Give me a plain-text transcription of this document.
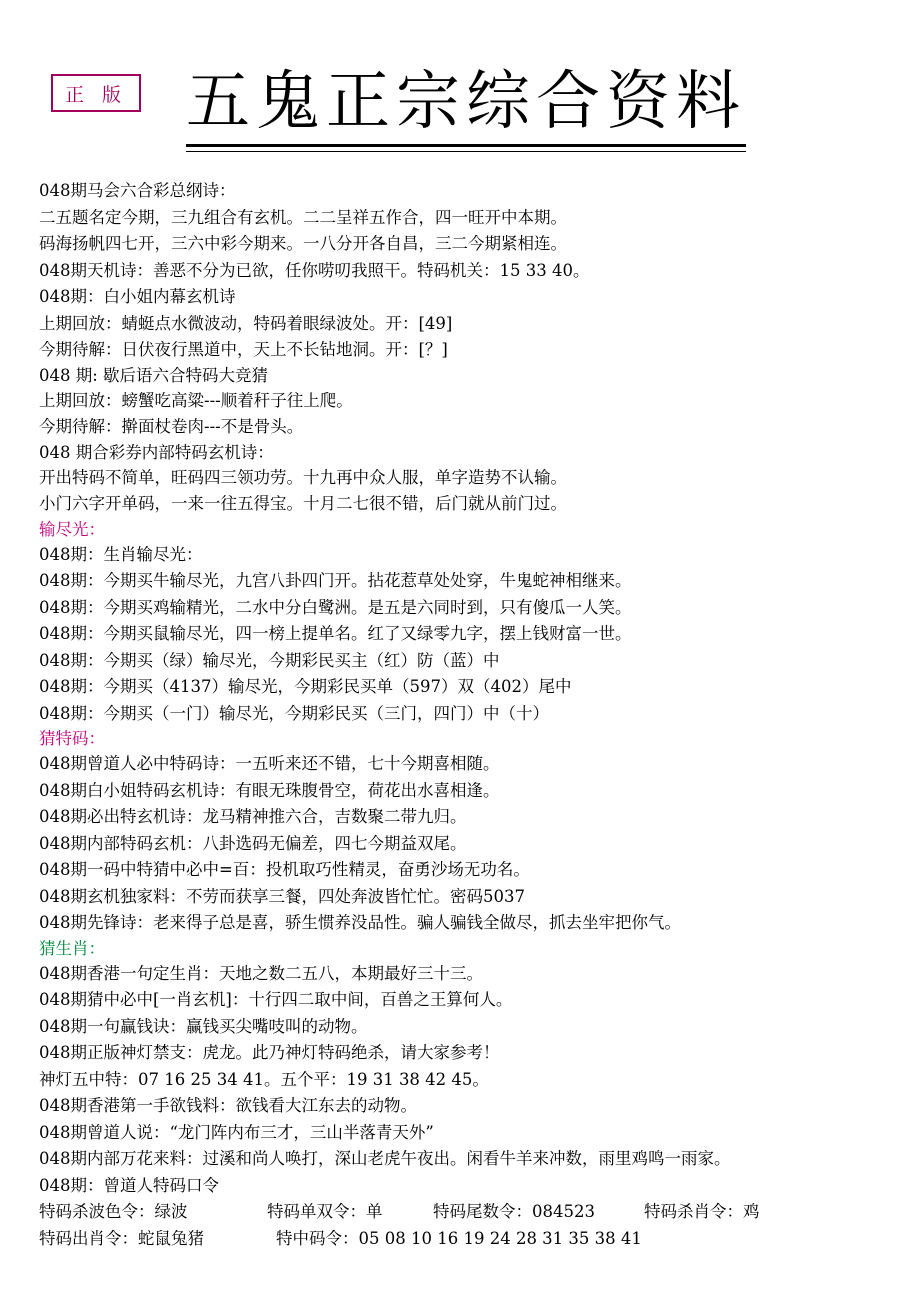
正 版 五鬼正宗综合资料
048期马会六合彩总纲诗：
二五题名定今期，三九组合有玄机。二二呈祥五作合，四一旺开中本期。
码海扬帆四七开，三六中彩今期来。一八分开各自昌，三二今期紧相连。
048期天机诗：善恶不分为已欲，任你唠叨我照干。特码机关：15 33 40。
048期：白小姐内幕玄机诗
上期回放：蜻蜓点水微波动，特码着眼绿波处。开：[49]
今期待解：日伏夜行黑道中，天上不长钻地洞。开：[？]
048 期: 歇后语六合特码大竞猜
上期回放：螃蟹吃高粱---顺着秆子往上爬。
今期待解：擀面杖卷肉---不是骨头。
048 期合彩券内部特码玄机诗：
开出特码不简单，旺码四三领功劳。十九再中众人服，单字造势不认输。
小门六字开单码，一来一往五得宝。十月二七很不错，后门就从前门过。
输尽光：
048期：生肖输尽光：
048期：今期买牛输尽光，九宫八卦四门开。拈花惹草处处穿，牛鬼蛇神相继来。
048期：今期买鸡输精光，二水中分白鹭洲。是五是六同时到，只有傻瓜一人笑。
048期：今期买鼠输尽光，四一榜上提单名。红了又绿零九字，摆上钱财富一世。
048期：今期买（绿）输尽光，今期彩民买主（红）防（蓝）中
048期：今期买（4137）输尽光，今期彩民买单（597）双（402）尾中
048期：今期买（一门）输尽光，今期彩民买（三门，四门）中（十）
猜特码：
048期曾道人必中特码诗：一五听来还不错，七十今期喜相随。
048期白小姐特码玄机诗：有眼无珠腹骨空，荷花出水喜相逢。
048期必出特玄机诗：龙马精神推六合，吉数聚二带九归。
048期内部特码玄机：八卦选码无偏差，四七今期益双尾。
048期一码中特猜中必中=百：投机取巧性精灵，奋勇沙场无功名。
048期玄机独家料：不劳而获享三餐，四处奔波皆忙忙。密码5037
048期先锋诗：老来得子总是喜，骄生惯养没品性。骗人骗钱全做尽，抓去坐牢把你气。
猜生肖：
048期香港一句定生肖：天地之数二五八，本期最好三十三。
048期猜中必中[一肖玄机]：十行四二取中间，百兽之王算何人。
048期一句赢钱诀：赢钱买尖嘴吱叫的动物。
048期正版神灯禁支：虎龙。此乃神灯特码绝杀，请大家参考！
神灯五中特：07 16 25 34 41。五个平：19 31 38 42 45。
048期香港第一手欲钱料：欲钱看大江东去的动物。
048期曾道人说：“龙门阵内布三才，三山半落青天外”
048期内部万花来料：过溪和尚人唤打，深山老虎午夜出。闲看牛羊来冲数，雨里鸡鸣一雨家。
048期：曾道人特码口令
特码杀波色令：绿波	特码单双令：单	特码尾数令：084523	特码杀肖令：鸡
特码出肖令：蛇鼠兔猪	特中码令：05 08 10 16 19 24 28 31 35 38 41
